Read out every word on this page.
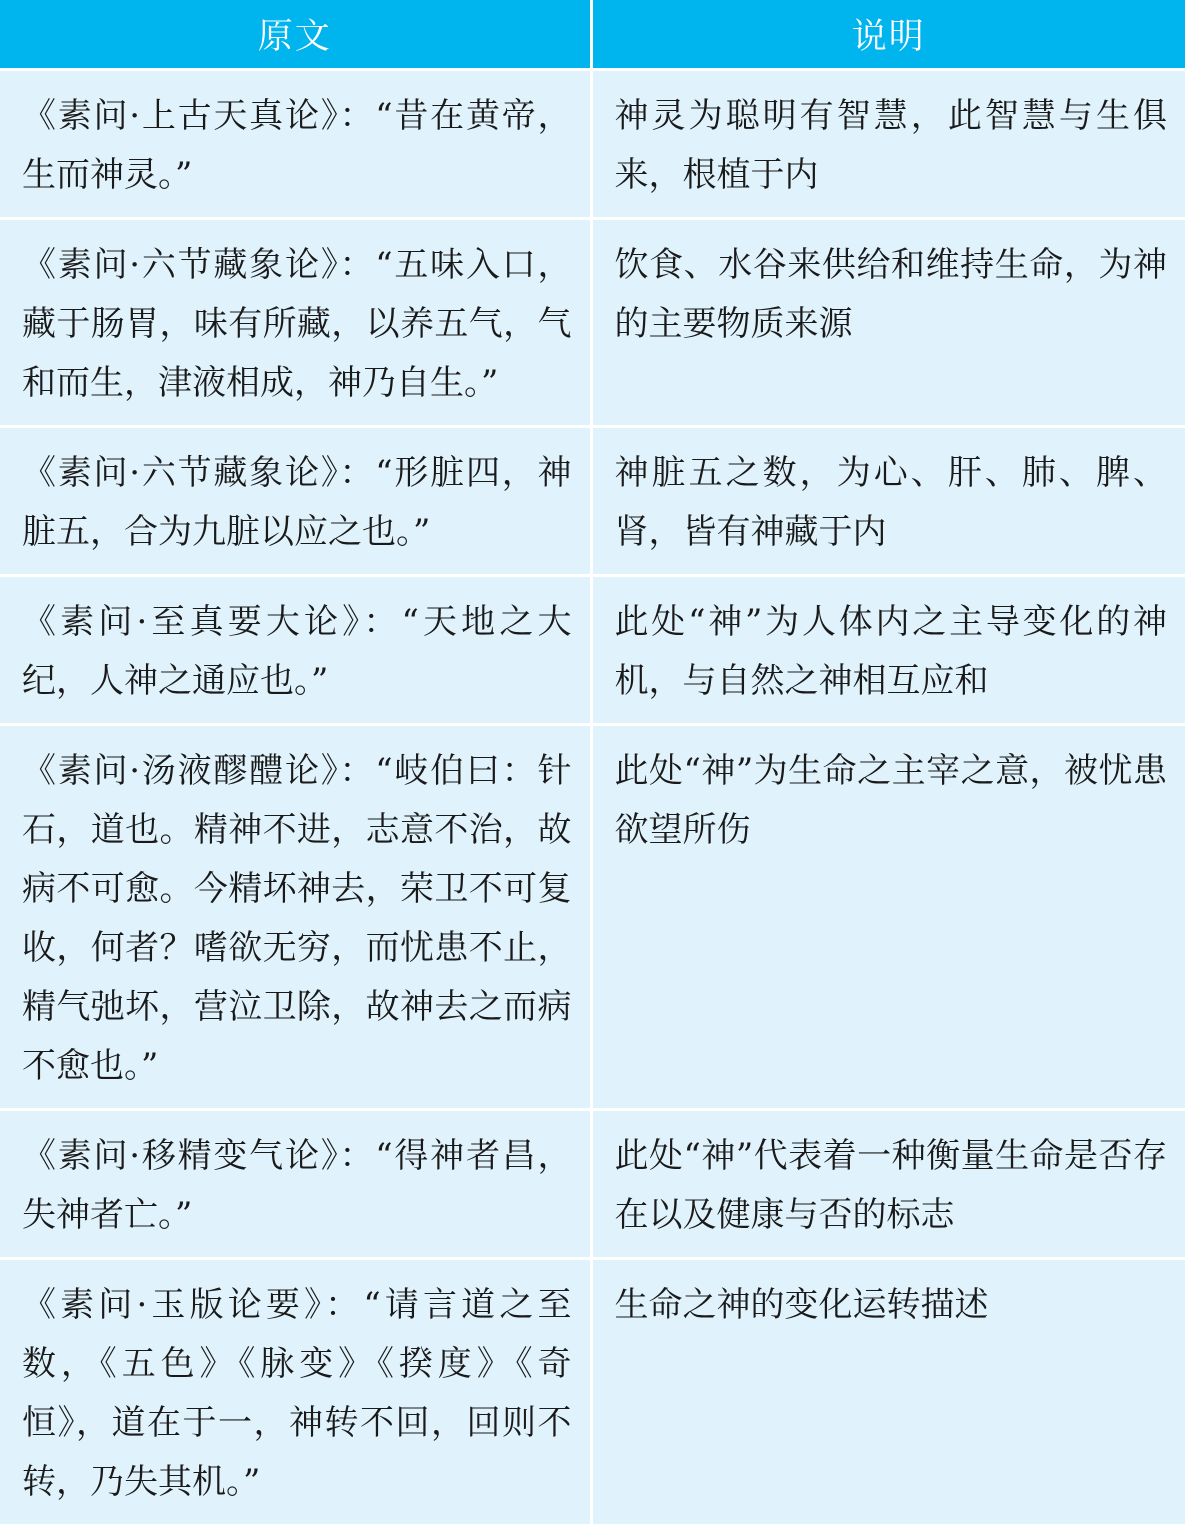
原文	说明
《素问·上古天真论》：“昔在黄帝，生而神灵。”	神灵为聪明有智慧，此智慧与生俱来，根植于内
《素问·六节藏象论》：“五味入口，藏于肠胃，味有所藏，以养五气，气和而生，津液相成，神乃自生。”	饮食、水谷来供给和维持生命，为神的主要物质来源
《素问·六节藏象论》：“形脏四，神脏五，合为九脏以应之也。”	神脏五之数，为心、肝、肺、脾、肾，皆有神藏于内
《素问·至真要大论》：“天地之大纪，人神之通应也。”	此处“神”为人体内之主导变化的神机，与自然之神相互应和
《素问·汤液醪醴论》：“岐伯曰：针石，道也。精神不进，志意不治，故病不可愈。今精坏神去，荣卫不可复收，何者？嗜欲无穷，而忧患不止，精气弛坏，营泣卫除，故神去之而病不愈也。”	此处“神”为生命之主宰之意，被忧患欲望所伤
《素问·移精变气论》：“得神者昌，失神者亡。”	此处“神”代表着一种衡量生命是否存在以及健康与否的标志
《素问·玉版论要》：“请言道之至数，《五色》《脉变》《揆度》《奇恒》，道在于一，神转不回，回则不转，乃失其机。”	生命之神的变化运转描述
